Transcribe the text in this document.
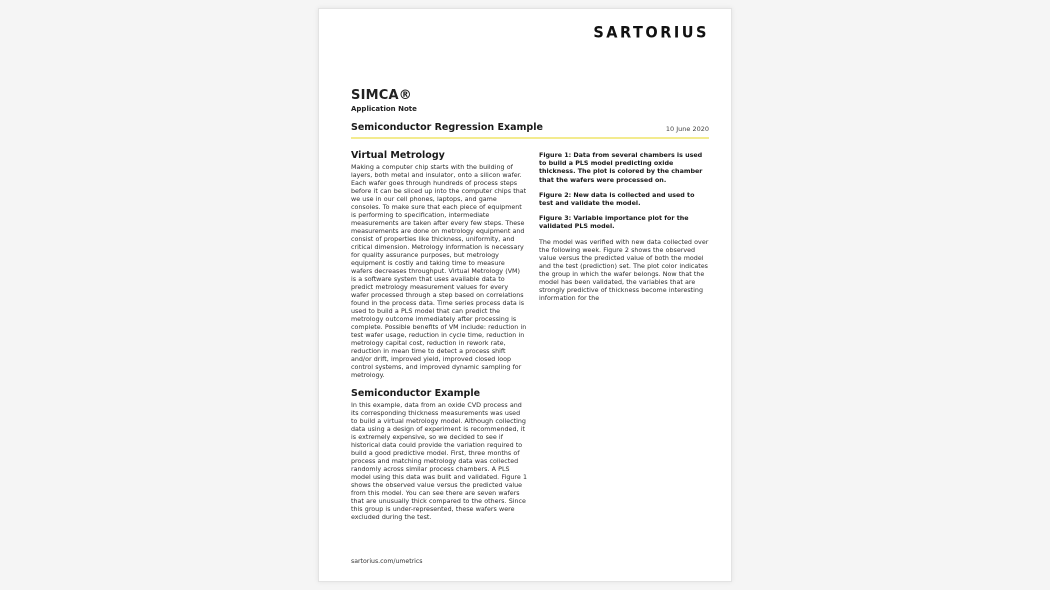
SARTORIUS
SIMCA®
Application Note
Semiconductor Regression Example	10 June 2020
Virtual Metrology

Making a computer chip starts with the building of layers, both metal and insulator, onto a silicon wafer. Each wafer goes through hundreds of process steps before it can be sliced up into the computer chips that we use in our cell phones, laptops, and game consoles. To make sure that each piece of equipment is performing to specification, intermediate measurements are taken after every few steps. These measurements are done on metrology equipment and consist of properties like thickness, uniformity, and critical dimension. Metrology information is necessary for quality assurance purposes, but metrology equipment is costly and taking time to measure wafers decreases throughput. Virtual Metrology (VM) is a software system that uses available data to predict metrology measurement values for every wafer processed through a step based on correlations found in the process data. Time series process data is used to build a PLS model that can predict the metrology outcome immediately after processing is complete. Possible benefits of VM include: reduction in test wafer usage, reduction in cycle time, reduction in metrology capital cost, reduction in rework rate, reduction in mean time to detect a process shift and/or drift, improved yield, improved closed loop control systems, and improved dynamic sampling for metrology.

Semiconductor Example

In this example, data from an oxide CVD process and its corresponding thickness measurements was used to build a virtual metrology model. Although collecting data using a design of experiment is recommended, it is extremely expensive, so we decided to see if historical data could provide the variation required to build a good predictive model. First, three months of process and matching metrology data was collected randomly across similar process chambers. A PLS model using this data was built and validated. Figure 1 shows the observed value versus the predicted value from this model. You can see there are seven wafers that are unusually thick compared to the others. Since this group is under-represented, these wafers were excluded during the test.

Figure 1: Data from several chambers is used to build a PLS model predicting oxide thickness. The plot is colored by the chamber that the wafers were processed on.
Figure 2: New data is collected and used to test and validate the model.
Figure 3: Variable importance plot for the validated PLS model.

The model was verified with new data collected over the following week. Figure 2 shows the observed value versus the predicted value of both the model and the test (prediction) set. The plot color indicates the group in which the wafer belongs. Now that the model has been validated, the variables that are strongly predictive of thickness become interesting information for the

sartorius.com/umetrics
